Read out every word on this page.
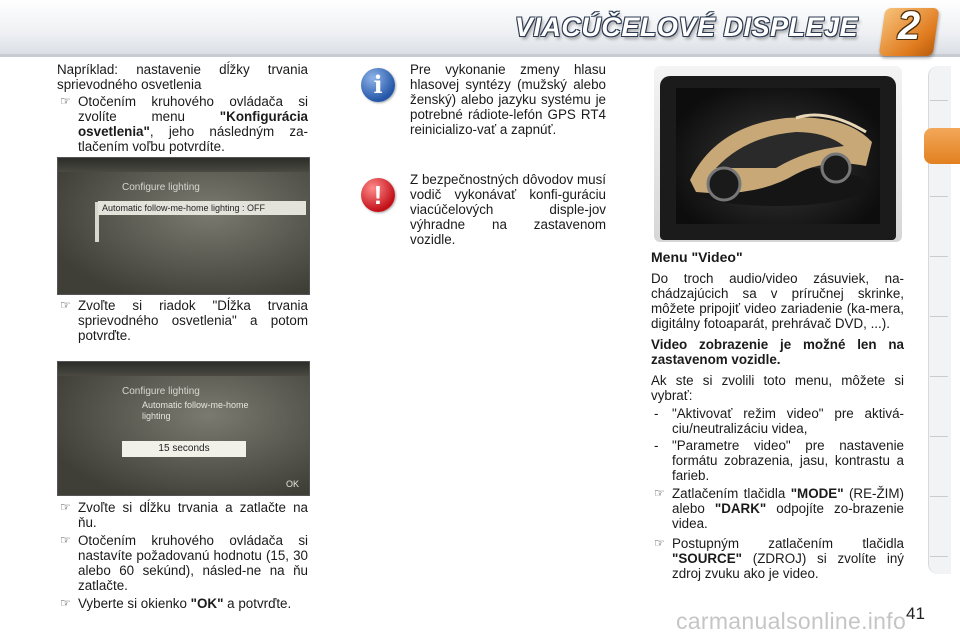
VIACÚČELOVÉ DISPLEJE 2

Napríklad: nastavenie dĺžky trvania sprievodného osvetlenia

☞ Otočením kruhového ovládača si zvolíte menu "Konfigurácia osvetlenia", jeho následným za-tlačením voľbu potvrdíte.

Configure lighting
Automatic follow-me-home lighting : OFF

☞ Zvoľte si riadok "Dĺžka trvania sprievodného osvetlenia" a potom potvrďte.

Configure lighting
Automatic follow-me-home lighting
15 seconds
OK

☞ Zvoľte si dĺžku trvania a zatlačte na ňu.

☞ Otočením kruhového ovládača si nastavíte požadovanú hodnotu (15, 30 alebo 60 sekúnd), násled-ne na ňu zatlačte.

☞ Vyberte si okienko "OK" a potvrďte.

i
Pre vykonanie zmeny hlasu hlasovej syntézy (mužský alebo ženský) alebo jazyku systému je potrebné rádiote-lefón GPS RT4 reinicializo-vať a zapnúť.
!
Z bezpečnostných dôvodov musí vodič vykonávať konfi-guráciu viacúčelových disple-jov výhradne na zastavenom vozidle.

Menu "Video"

Do troch audio/video zásuviek, na-chádzajúcich sa v príručnej skrinke, môžete pripojiť video zariadenie (ka-mera, digitálny fotoaparát, prehrávač DVD, ...).

Video zobrazenie je možné len na zastavenom vozidle.

Ak ste si zvolili toto menu, môžete si vybrať:

- "Aktivovať režim video" pre aktivá-ciu/neutralizáciu videa,

- "Parametre video" pre nastavenie formátu zobrazenia, jasu, kontrastu a farieb.

☞ Zatlačením tlačidla "MODE" (RE-ŽIM) alebo "DARK" odpojíte zo-brazenie videa.

☞ Postupným zatlačením tlačidla "SOURCE" (ZDROJ) si zvolíte iný zdroj zvuku ako je video.

carmanualsonline.info 41
